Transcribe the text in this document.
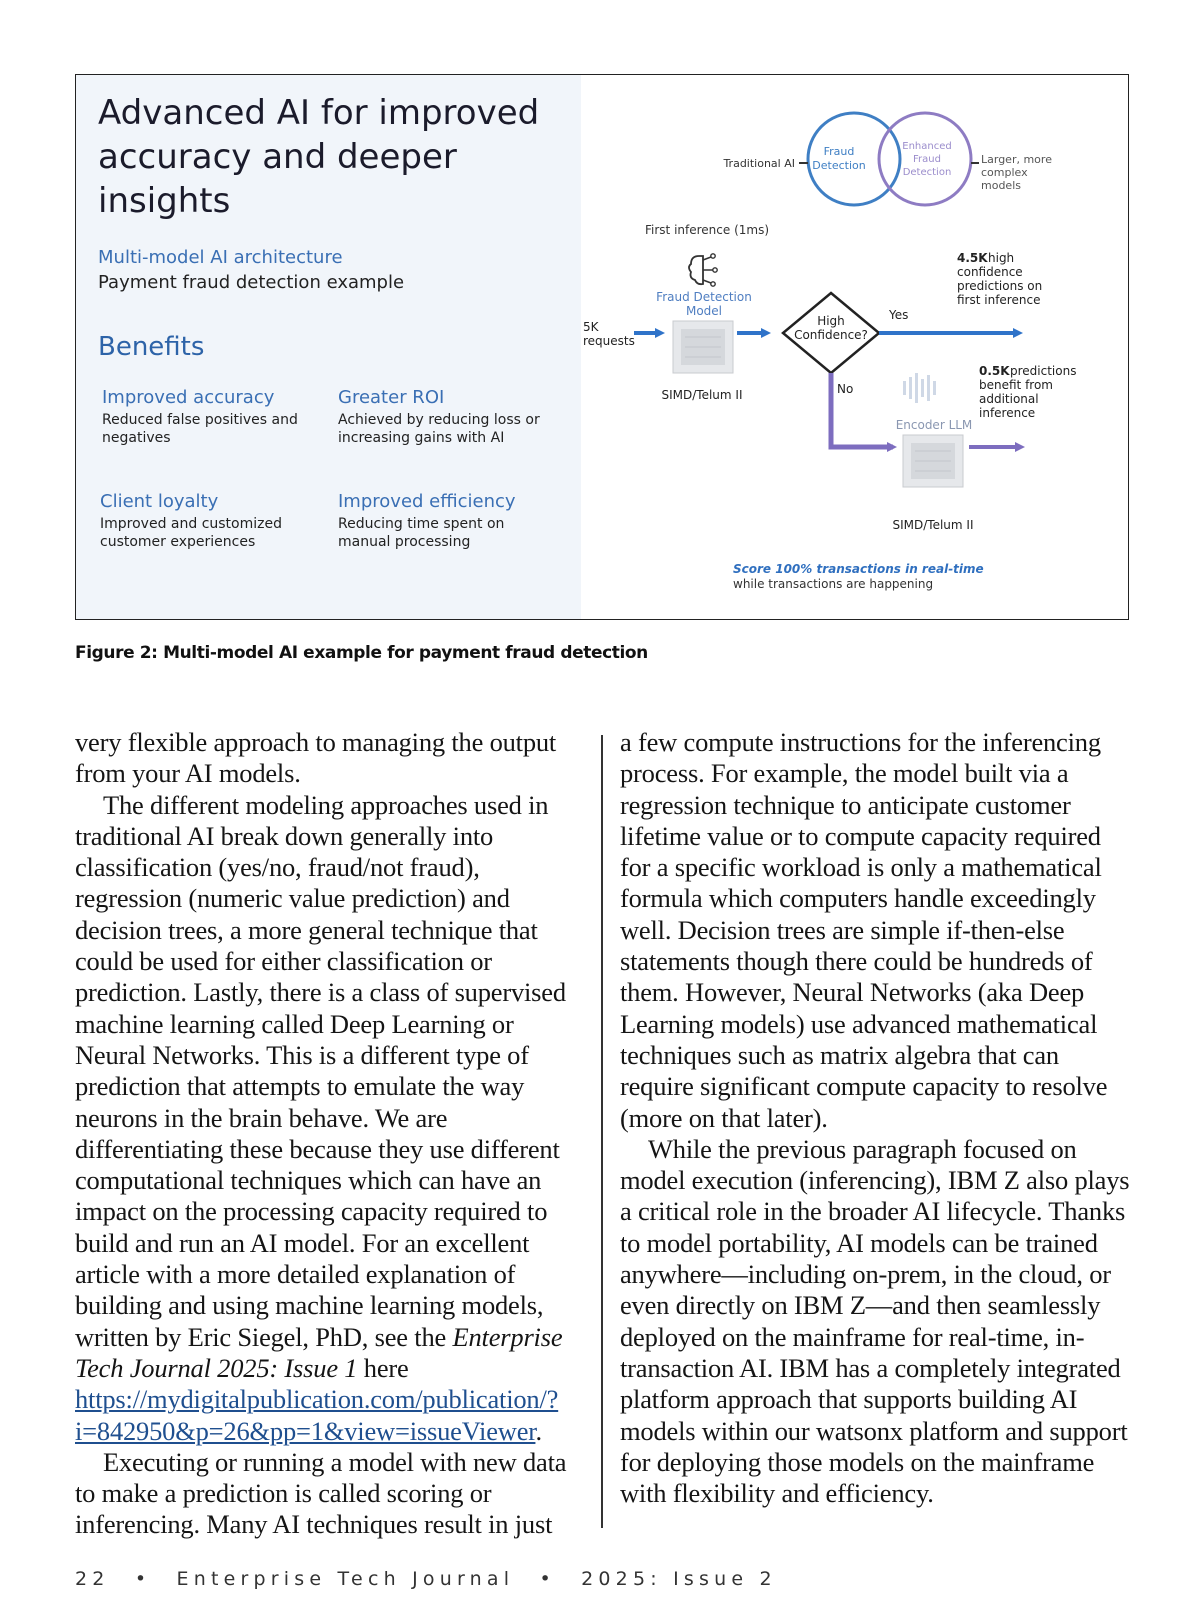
Advanced AI for improved accuracy and deeper insights
Multi-model AI architecture
Payment fraud detection example
Benefits
Improved accuracy
Reduced false positives and negatives
Greater ROI
Achieved by reducing loss or increasing gains with AI
Client loyalty
Improved and customized customer experiences
Improved efficiency
Reducing time spent on manual processing
Traditional AI
Fraud
Detection
Enhanced
Fraud
Detection
Larger, more
complex
models
First inference (1ms)
Fraud Detection
Model
5K
requests
SIMD/Telum II
High
Confidence?
Yes
4.5K high
confidence
predictions on
first inference
No
Encoder LLM
SIMD/Telum II
0.5K predictions
benefit from
additional
inference
Score 100% transactions in real-time
while transactions are happening
Figure 2: Multi-model AI example for payment fraud detection

very flexible approach to managing the output from your AI models.

The different modeling approaches used in traditional AI break down generally into classification (yes/no, fraud/not fraud), regression (numeric value prediction) and decision trees, a more general technique that could be used for either classification or prediction. Lastly, there is a class of supervised machine learning called Deep Learning or Neural Networks. This is a different type of prediction that attempts to emulate the way neurons in the brain behave. We are differentiating these because they use different computational techniques which can have an impact on the processing capacity required to build and run an AI model. For an excellent article with a more detailed explanation of building and using machine learning models, written by Eric Siegel, PhD, see the Enterprise Tech Journal 2025: Issue 1 here https://mydigitalpublication.com/publication/?i=842950&p=26&pp=1&view=issueViewer.

Executing or running a model with new data to make a prediction is called scoring or inferencing. Many AI techniques result in just

a few compute instructions for the inferencing process. For example, the model built via a regression technique to anticipate customer lifetime value or to compute capacity required for a specific workload is only a mathematical formula which computers handle exceedingly well. Decision trees are simple if-then-else statements though there could be hundreds of them. However, Neural Networks (aka Deep Learning models) use advanced mathematical techniques such as matrix algebra that can require significant compute capacity to resolve (more on that later).

While the previous paragraph focused on model execution (inferencing), IBM Z also plays a critical role in the broader AI lifecycle. Thanks to model portability, AI models can be trained anywhere—including on-prem, in the cloud, or even directly on IBM Z—and then seamlessly deployed on the mainframe for real-time, in-transaction AI. IBM has a completely integrated platform approach that supports building AI models within our watsonx platform and support for deploying those models on the mainframe with flexibility and efficiency.

22 • Enterprise Tech Journal • 2025: Issue 2
